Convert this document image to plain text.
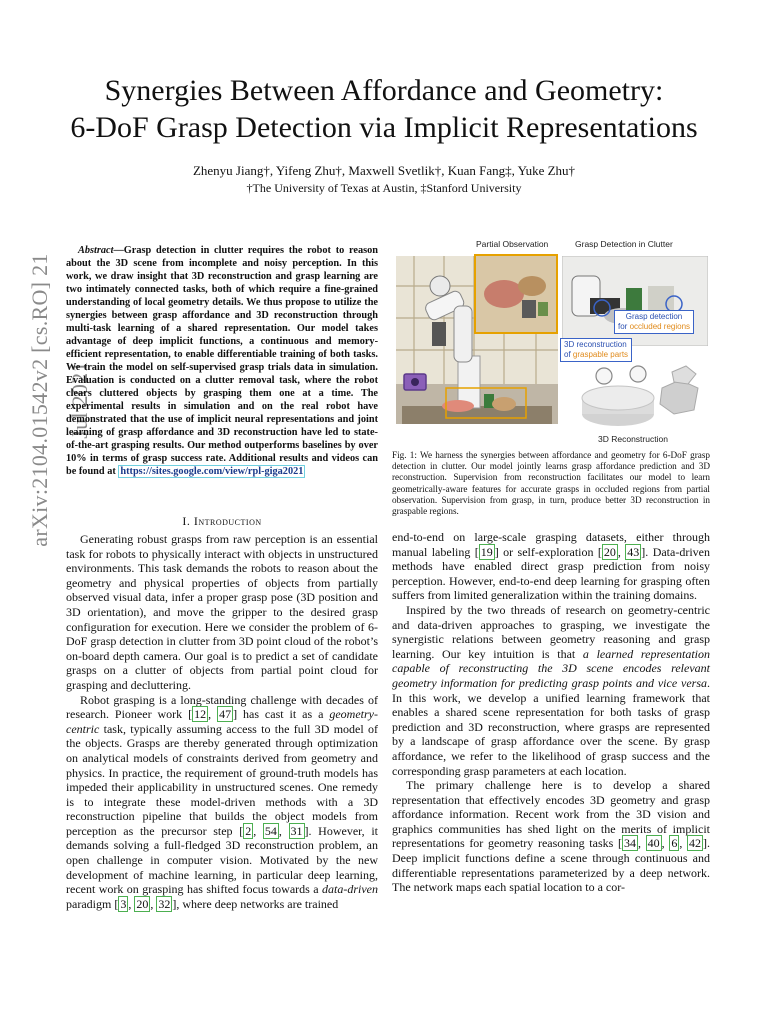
arXiv:2104.01542v2 [cs.RO] 21 Jul 2021
Synergies Between Affordance and Geometry:
6-DoF Grasp Detection via Implicit Representations
Zhenyu Jiang†, Yifeng Zhu†, Maxwell Svetlik†, Kuan Fang‡, Yuke Zhu†
†The University of Texas at Austin, ‡Stanford University
Abstract—Grasp detection in clutter requires the robot to reason about the 3D scene from incomplete and noisy perception. In this work, we draw insight that 3D reconstruction and grasp learning are two intimately connected tasks, both of which require a fine-grained understanding of local geometry details. We thus propose to utilize the synergies between grasp affordance and 3D reconstruction through multi-task learning of a shared representation. Our model takes advantage of deep implicit functions, a continuous and memory-efficient representation, to enable differentiable training of both tasks. We train the model on self-supervised grasp trials data in simulation. Evaluation is conducted on a clutter removal task, where the robot clears cluttered objects by grasping them one at a time. The experimental results in simulation and on the real robot have demonstrated that the use of implicit neural representations and joint learning of grasp affordance and 3D reconstruction have led to state-of-the-art grasping results. Our method outperforms baselines by over 10% in terms of grasp success rate. Additional results and videos can be found at https://sites.google.com/view/rpl-giga2021
Partial Observation	Grasp Detection in Clutter
Grasp detection
for occluded regions
3D reconstruction
of graspable parts
3D Reconstruction
Fig. 1: We harness the synergies between affordance and geometry for 6-DoF grasp detection in clutter. Our model jointly learns grasp affordance prediction and 3D reconstruction. Supervision from reconstruction facilitates our model to learn geometrically-aware features for accurate grasps in occluded regions from partial observation. Supervision from grasp, in turn, produce better 3D reconstruction in graspable regions.
I. Introduction

Generating robust grasps from raw perception is an essential task for robots to physically interact with objects in unstructured environments. This task demands the robots to reason about the geometry and physical properties of objects from partially observed visual data, infer a proper grasp pose (3D position and 3D orientation), and move the gripper to the desired grasp configuration for execution. Here we consider the problem of 6-DoF grasp detection in clutter from 3D point cloud of the robot’s on-board depth camera. Our goal is to predict a set of candidate grasps on a clutter of objects from partial point cloud for grasping and decluttering.

Robot grasping is a long-standing challenge with decades of research. Pioneer work [ 12 , 47 ] has cast it as a geometry-centric task, typically assuming access to the full 3D model of the objects. Grasps are thereby generated through optimization on analytical models of constraints derived from geometry and physics. In practice, the requirement of ground-truth models has impeded their applicability in unstructured scenes. One remedy is to integrate these model-driven methods with a 3D reconstruction pipeline that builds the object models from perception as the precursor step [ 2 , 54 , 31 ]. However, it demands solving a full-fledged 3D reconstruction problem, an open challenge in computer vision. Motivated by the new development of machine learning, in particular deep learning, recent work on grasping has shifted focus towards a data-driven paradigm [ 3 , 20 , 32 ], where deep networks are trained

end-to-end on large-scale grasping datasets, either through manual labeling [ 19 ] or self-exploration [ 20 , 43 ]. Data-driven methods have enabled direct grasp prediction from noisy perception. However, end-to-end deep learning for grasping often suffers from limited generalization within the training domains.

Inspired by the two threads of research on geometry-centric and data-driven approaches to grasping, we investigate the synergistic relations between geometry reasoning and grasp learning. Our key intuition is that a learned representation capable of reconstructing the 3D scene encodes relevant geometry information for predicting grasp points and vice versa. In this work, we develop a unified learning framework that enables a shared scene representation for both tasks of grasp prediction and 3D reconstruction, where grasps are represented by a landscape of grasp affordance over the scene. By grasp affordance, we refer to the likelihood of grasp success and the corresponding grasp parameters at each location.

The primary challenge here is to develop a shared representation that effectively encodes 3D geometry and grasp affordance information. Recent work from the 3D vision and graphics communities has shed light on the merits of implicit representations for geometry reasoning tasks [ 34 , 40 , 6 , 42 ]. Deep implicit functions define a scene through continuous and differentiable representations parameterized by a deep network. The network maps each spatial location to a cor-
